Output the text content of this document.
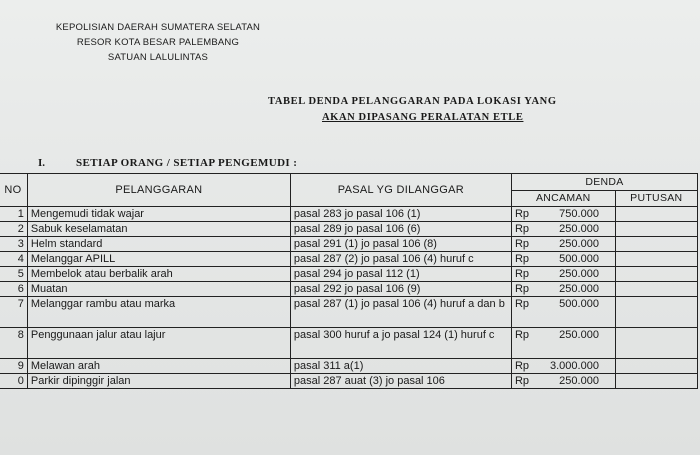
KEPOLISIAN DAERAH SUMATERA SELATAN
RESOR KOTA BESAR PALEMBANG
SATUAN LALULINTAS
TABEL DENDA PELANGGARAN PADA LOKASI YANG
AKAN DIPASANG PERALATAN ETLE
I.	SETIAP ORANG / SETIAP PENGEMUDI :
NO	PELANGGARAN	PASAL YG DILANGGAR	DENDA	
			ANCAMAN	PUTUSAN
1	Mengemudi tidak wajar	pasal 283 jo pasal 106 (1)	Rp 750.000	
2	Sabuk keselamatan	pasal 289 jo pasal 106 (6)	Rp 250.000	
3	Helm standard	pasal 291 (1) jo pasal 106 (8)	Rp 250.000	
4	Melanggar APILL	pasal 287 (2) jo pasal 106 (4) huruf c	Rp 500.000	
5	Membelok atau berbalik arah	pasal 294 jo pasal 112 (1)	Rp 250.000	
6	Muatan	pasal 292 jo pasal 106 (9)	Rp 250.000	
7	Melanggar rambu atau marka	pasal 287 (1) jo pasal 106 (4) huruf a dan b	Rp 500.000	
8	Penggunaan jalur atau lajur	pasal 300 huruf a jo pasal 124 (1) huruf c	Rp 250.000	
9	Melawan arah	pasal 311 a(1)	Rp 3.000.000	
0	Parkir dipinggir jalan	pasal 287 auat (3) jo pasal 106	Rp 250.000	
